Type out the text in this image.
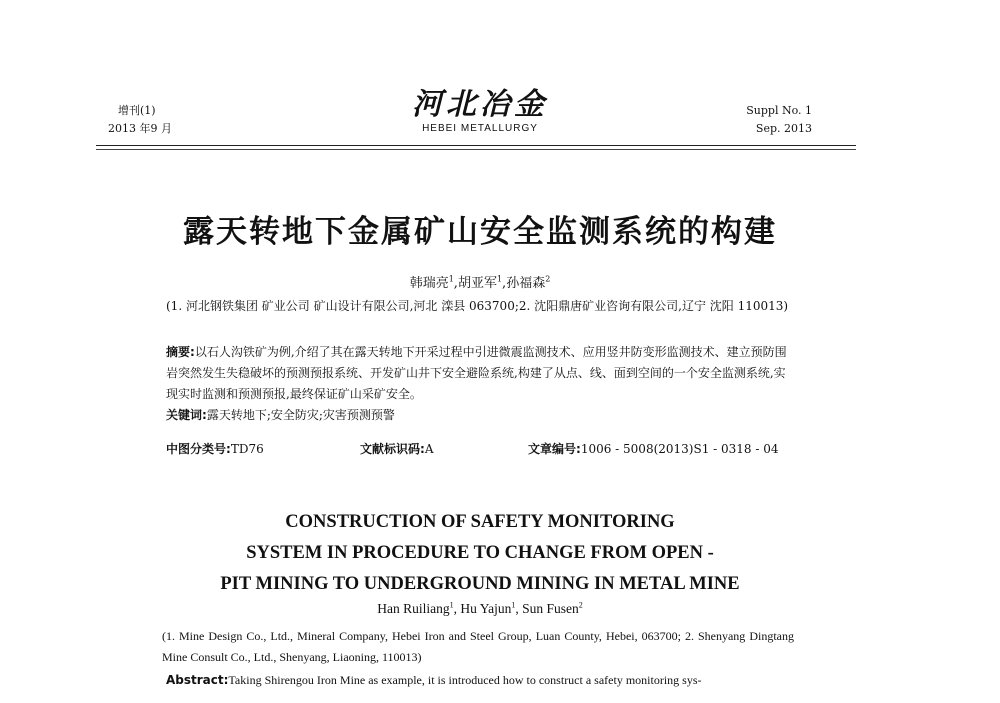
增刊(1)
2013 年9 月
河北冶金
HEBEI METALLURGY
Suppl No. 1
Sep. 2013
露天转地下金属矿山安全监测系统的构建
韩瑞亮$^1$,胡亚军$^1$,孙福森$^2$
(1. 河北钢铁集团 矿业公司 矿山设计有限公司,河北 滦县 063700;2. 沈阳鼎唐矿业咨询有限公司,辽宁 沈阳 110013)
摘要:以石人沟铁矿为例,介绍了其在露天转地下开采过程中引进微震监测技术、应用竖井防变形监测技术、建立预防围岩突然发生失稳破坏的预测预报系统、开发矿山井下安全避险系统,构建了从点、线、面到空间的一个安全监测系统,实现实时监测和预测预报,最终保证矿山采矿安全。
关键词:露天转地下;安全防灾;灾害预测预警
中图分类号:TD76	文献标识码:A	文章编号:1006 - 5008(2013)S1 - 0318 - 04
CONSTRUCTION OF SAFETY MONITORING
SYSTEM IN PROCEDURE TO CHANGE FROM OPEN -
PIT MINING TO UNDERGROUND MINING IN METAL MINE
Han Ruiliang$^1$, Hu Yajun$^1$, Sun Fusen$^2$
(1. Mine Design Co., Ltd., Mineral Company, Hebei Iron and Steel Group, Luan County, Hebei, 063700; 2. Shenyang Dingtang Mine Consult Co., Ltd., Shenyang, Liaoning, 110013)
Abstract:Taking Shirengou Iron Mine as example, it is introduced how to construct a safety monitoring sys-
